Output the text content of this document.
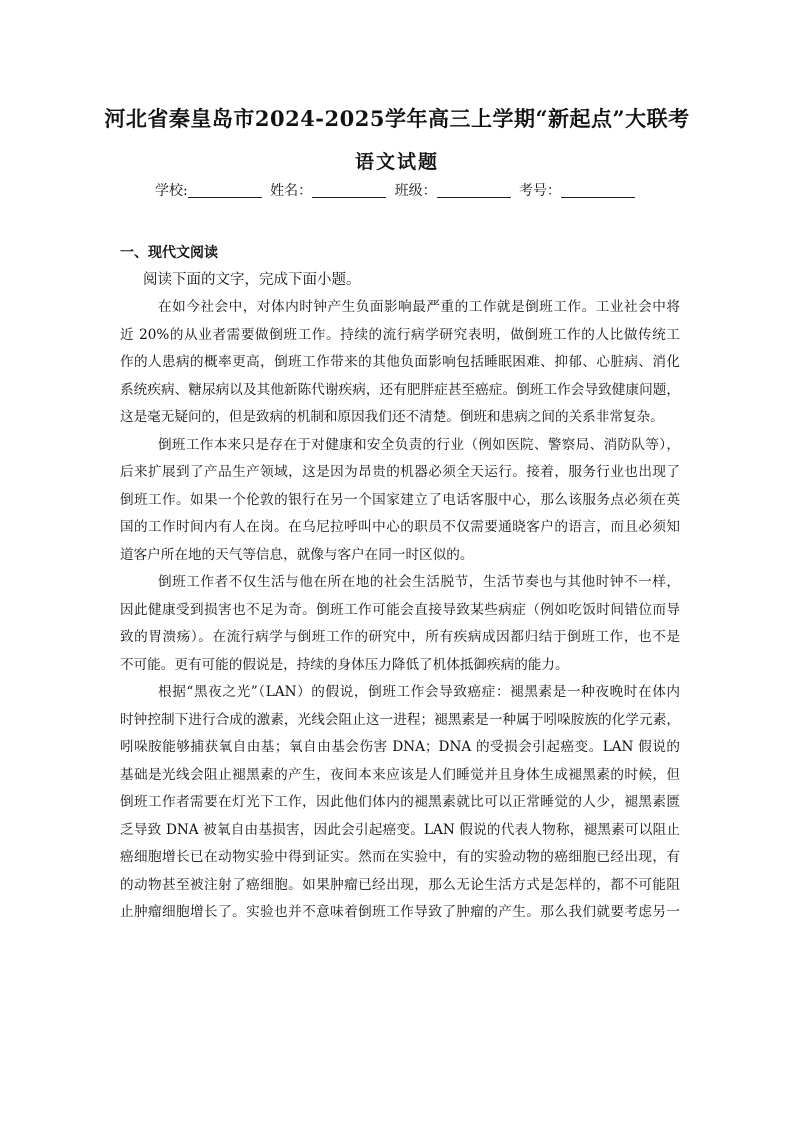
河北省秦皇岛市2024-2025学年高三上学期“新起点”大联考
语文试题
学校:	姓名：	班级：	考号：
一、现代文阅读
阅读下面的文字，完成下面小题。
在如今社会中，对体内时钟产生负面影响最严重的工作就是倒班工作。工业社会中将
近 20%的从业者需要做倒班工作。持续的流行病学研究表明，做倒班工作的人比做传统工
作的人患病的概率更高，倒班工作带来的其他负面影响包括睡眠困难、抑郁、心脏病、消化
系统疾病、糖尿病以及其他新陈代谢疾病，还有肥胖症甚至癌症。倒班工作会导致健康问题，
这是毫无疑问的，但是致病的机制和原因我们还不清楚。倒班和患病之间的关系非常复杂。
倒班工作本来只是存在于对健康和安全负责的行业（例如医院、警察局、消防队等），
后来扩展到了产品生产领域，这是因为昂贵的机器必须全天运行。接着，服务行业也出现了
倒班工作。如果一个伦敦的银行在另一个国家建立了电话客服中心，那么该服务点必须在英
国的工作时间内有人在岗。在乌尼拉呼叫中心的职员不仅需要通晓客户的语言，而且必须知
道客户所在地的天气等信息，就像与客户在同一时区似的。
倒班工作者不仅生活与他在所在地的社会生活脱节，生活节奏也与其他时钟不一样，
因此健康受到损害也不足为奇。倒班工作可能会直接导致某些病症（例如吃饭时间错位而导
致的胃溃疡）。在流行病学与倒班工作的研究中，所有疾病成因都归结于倒班工作，也不是
不可能。更有可能的假说是，持续的身体压力降低了机体抵御疾病的能力。
根据“黑夜之光”（LAN）的假说，倒班工作会导致癌症：褪黑素是一种夜晚时在体内
时钟控制下进行合成的激素，光线会阻止这一进程；褪黑素是一种属于吲哚胺族的化学元素，
吲哚胺能够捕获氧自由基；氧自由基会伤害 DNA；DNA 的受损会引起癌变。LAN 假说的
基础是光线会阻止褪黑素的产生，夜间本来应该是人们睡觉并且身体生成褪黑素的时候，但
倒班工作者需要在灯光下工作，因此他们体内的褪黑素就比可以正常睡觉的人少，褪黑素匮
乏导致 DNA 被氧自由基损害，因此会引起癌变。LAN 假说的代表人物称，褪黑素可以阻止
癌细胞增长已在动物实验中得到证实。然而在实验中，有的实验动物的癌细胞已经出现，有
的动物甚至被注射了癌细胞。如果肿瘤已经出现，那么无论生活方式是怎样的，都不可能阻
止肿瘤细胞增长了。实验也并不意味着倒班工作导致了肿瘤的产生。那么我们就要考虑另一
